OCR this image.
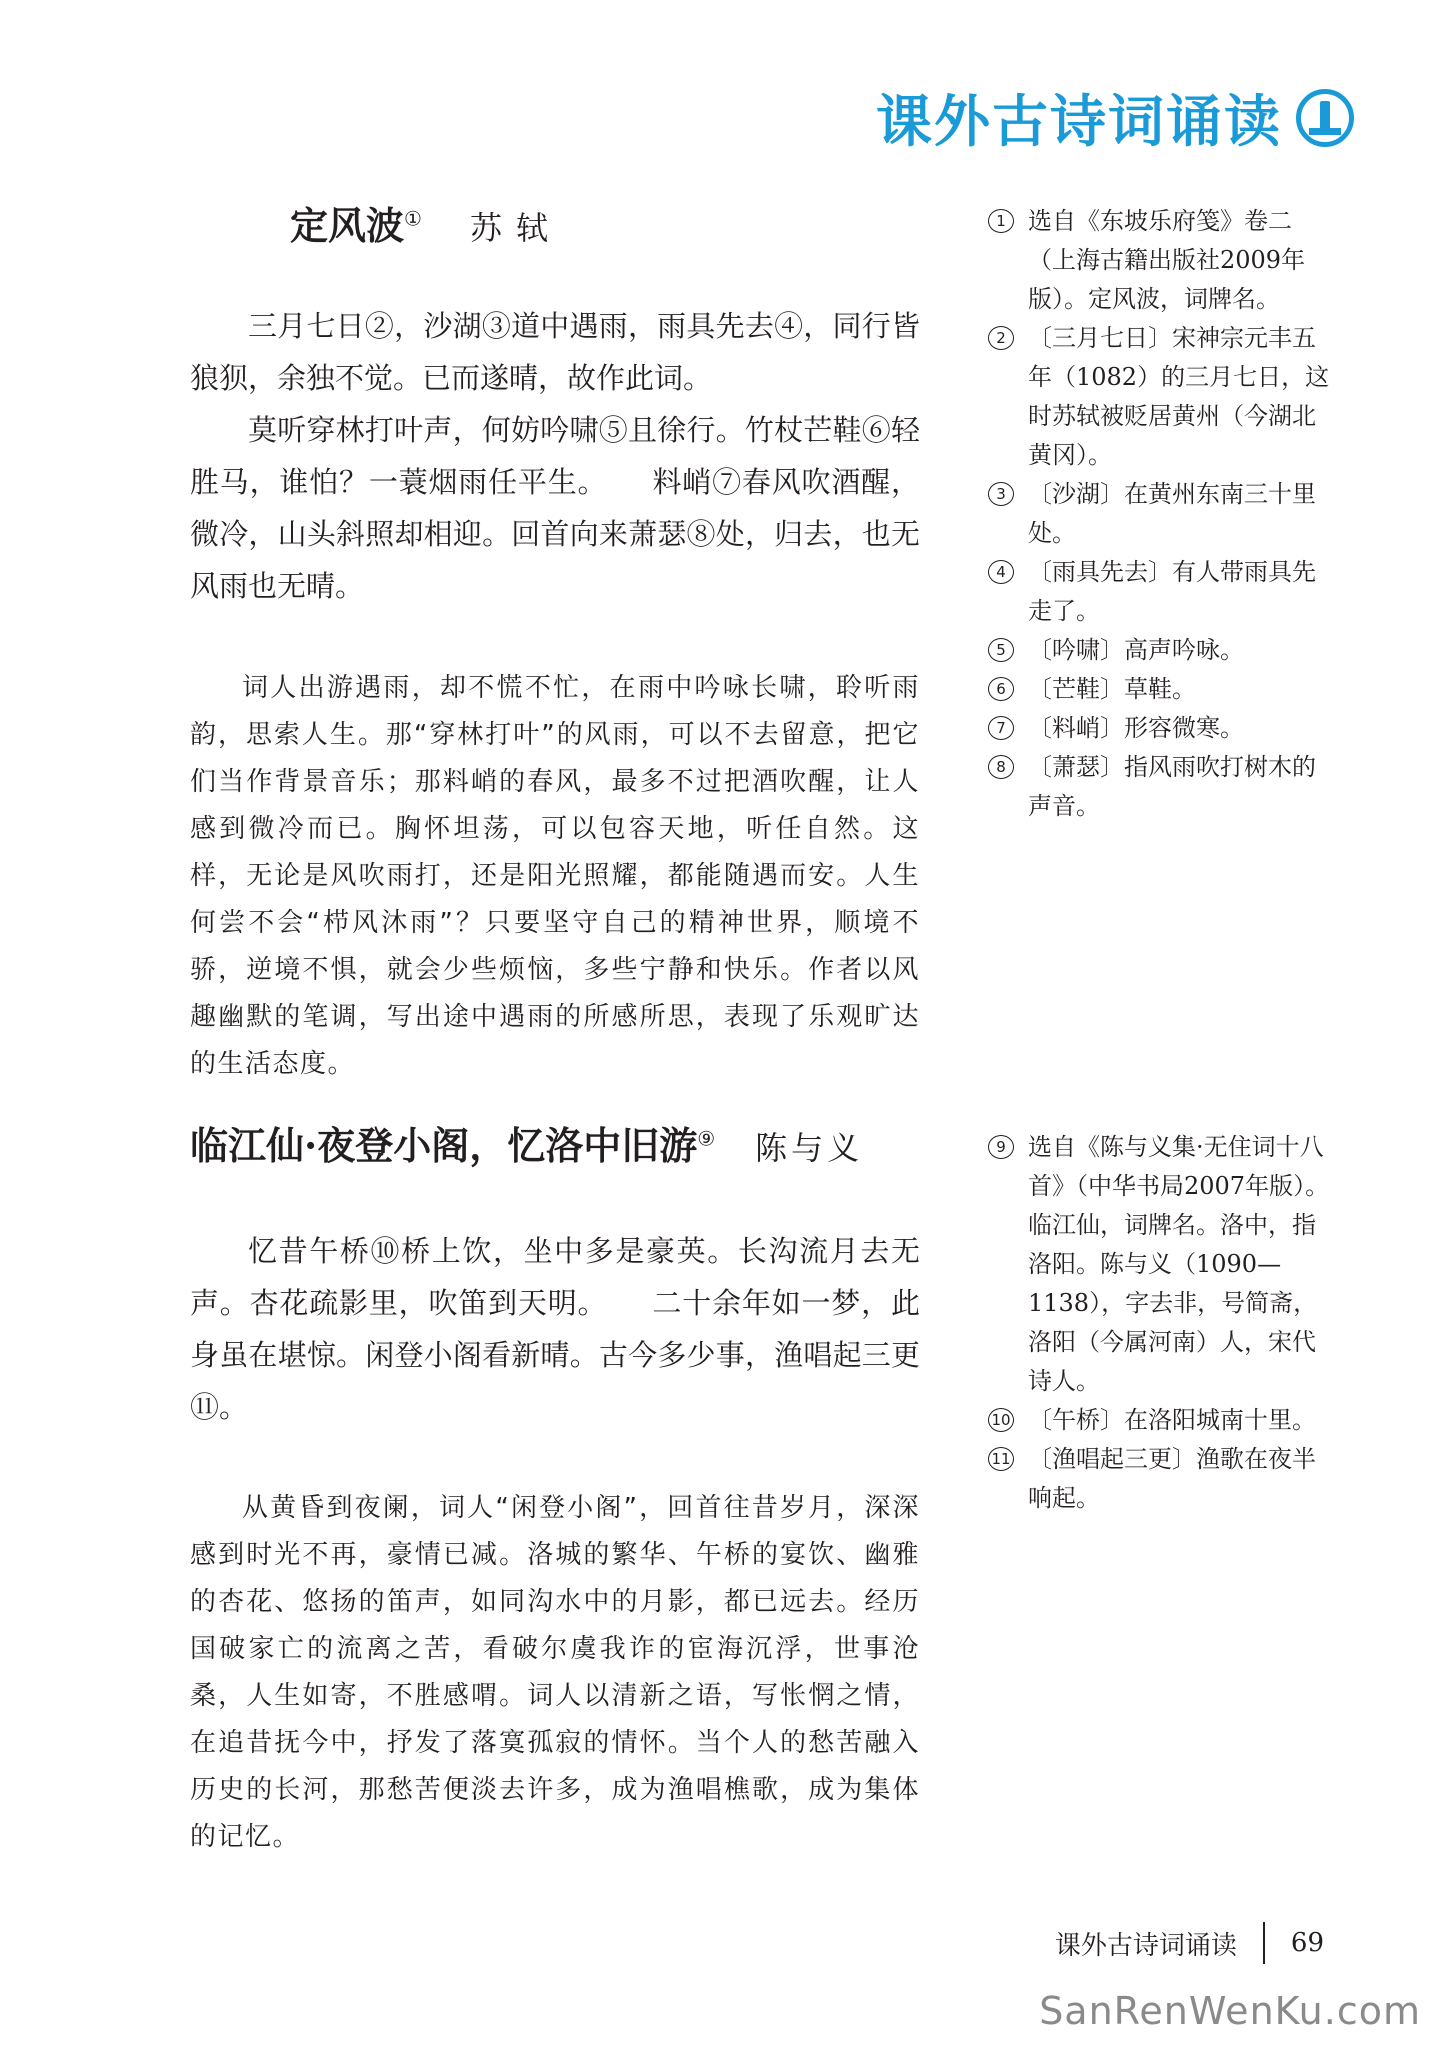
课外古诗词诵读
定风波① 苏轼

三月七日②，沙湖③道中遇雨，雨具先去④，同行皆狼狈，余独不觉。已而遂晴，故作此词。

莫听穿林打叶声，何妨吟啸⑤且徐行。竹杖芒鞋⑥轻胜马，谁怕？一蓑烟雨任平生。　　料峭⑦春风吹酒醒，微冷，山头斜照却相迎。回首向来萧瑟⑧处，归去，也无风雨也无晴。

词人出游遇雨，却不慌不忙，在雨中吟咏长啸，聆听雨韵，思索人生。那“穿林打叶”的风雨，可以不去留意，把它们当作背景音乐；那料峭的春风，最多不过把酒吹醒，让人感到微冷而已。胸怀坦荡，可以包容天地，听任自然。这样，无论是风吹雨打，还是阳光照耀，都能随遇而安。人生何尝不会“栉风沐雨”？只要坚守自己的精神世界，顺境不骄，逆境不惧，就会少些烦恼，多些宁静和快乐。作者以风趣幽默的笔调，写出途中遇雨的所感所思，表现了乐观旷达的生活态度。

1 选自《东坡乐府笺》卷二（上海古籍出版社2009年版）。定风波，词牌名。
2 〔三月七日〕宋神宗元丰五年（1082）的三月七日，这时苏轼被贬居黄州（今湖北黄冈）。
3 〔沙湖〕在黄州东南三十里处。
4 〔雨具先去〕有人带雨具先走了。
5 〔吟啸〕高声吟咏。
6 〔芒鞋〕草鞋。
7 〔料峭〕形容微寒。
8 〔萧瑟〕指风雨吹打树木的声音。
临江仙·夜登小阁，忆洛中旧游⑨ 陈与义

忆昔午桥⑩桥上饮，坐中多是豪英。长沟流月去无声。杏花疏影里，吹笛到天明。　　二十余年如一梦，此身虽在堪惊。闲登小阁看新晴。古今多少事，渔唱起三更⑪。

从黄昏到夜阑，词人“闲登小阁”，回首往昔岁月，深深感到时光不再，豪情已减。洛城的繁华、午桥的宴饮、幽雅的杏花、悠扬的笛声，如同沟水中的月影，都已远去。经历国破家亡的流离之苦，看破尔虞我诈的宦海沉浮，世事沧桑，人生如寄，不胜感喟。词人以清新之语，写怅惘之情，在追昔抚今中，抒发了落寞孤寂的情怀。当个人的愁苦融入历史的长河，那愁苦便淡去许多，成为渔唱樵歌，成为集体的记忆。

9 选自《陈与义集·无住词十八首》（中华书局2007年版）。临江仙，词牌名。洛中，指洛阳。陈与义（1090—1138），字去非，号简斋，洛阳（今属河南）人，宋代诗人。
10 〔午桥〕在洛阳城南十里。
11 〔渔唱起三更〕渔歌在夜半响起。
课外古诗词诵读 69
SanRenWenKu.com
